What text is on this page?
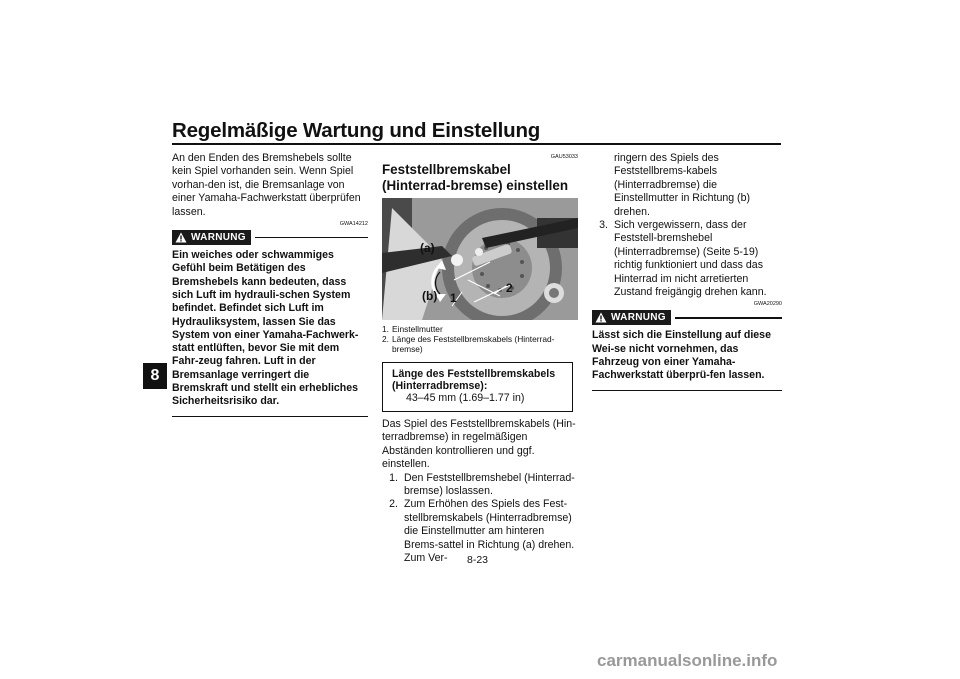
Regelmäßige Wartung und Einstellung
8

An den Enden des Bremshebels sollte kein Spiel vorhanden sein. Wenn Spiel vorhan-den ist, die Bremsanlage von einer Yamaha-Fachwerkstatt überprüfen lassen.

GWA14212
WARNUNG
Ein weiches oder schwammiges Gefühl beim Betätigen des Bremshebels kann bedeuten, dass sich Luft im hydrauli-schen System befindet. Befindet sich Luft im Hydrauliksystem, lassen Sie das System von einer Yamaha-Fachwerk-statt entlüften, bevor Sie mit dem Fahr-zeug fahren. Luft in der Bremsanlage verringert die Bremskraft und stellt ein erhebliches Sicherheitsrisiko dar.
GAU53033
Feststellbremskabel (Hinterrad-bremse) einstellen
(a)
(b) 1
2
1. Einstellmutter
2. Länge des Feststellbremskabels (Hinterrad-bremse)
Länge des Feststellbremskabels (Hinterradbremse):
43–45 mm (1.69–1.77 in)

Das Spiel des Feststellbremskabels (Hin-terradbremse) in regelmäßigen Abständen kontrollieren und ggf. einstellen.

1. Den Feststellbremshebel (Hinterrad-bremse) loslassen.
2. Zum Erhöhen des Spiels des Fest-stellbremskabels (Hinterradbremse) die Einstellmutter am hinteren Brems-sattel in Richtung (a) drehen. Zum Ver-
ringern des Spiels des Feststellbrems-kabels (Hinterradbremse) die Einstellmutter in Richtung (b) drehen.
3. Sich vergewissern, dass der Feststell-bremshebel (Hinterradbremse) (Seite 5-19) richtig funktioniert und dass das Hinterrad im nicht arretierten Zustand freigängig drehen kann.
GWA20290
WARNUNG
Lässt sich die Einstellung auf diese Wei-se nicht vornehmen, das Fahrzeug von einer Yamaha-Fachwerkstatt überprü-fen lassen.
8-23
carmanualsonline.info
